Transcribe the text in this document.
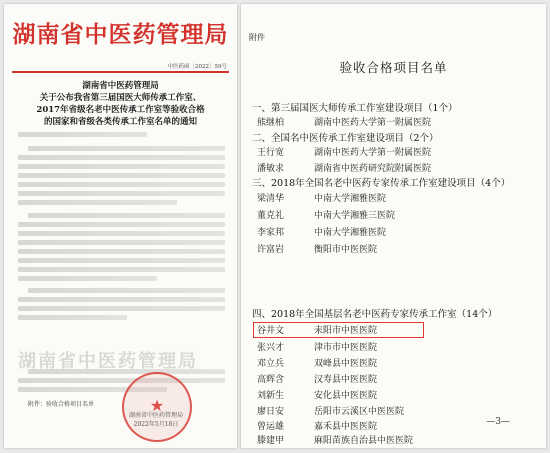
湖南省中医药管理局
中医药函〔2022〕59号
湖南省中医药管理局
关于公布我省第三届国医大师传承工作室、
2017年省级名老中医传承工作室等验收合格
的国家和省级各类传承工作室名单的通知
湖南省中医药管理局
附件：验收合格项目名单	★
湖南省中医药管理局
2022年5月18日
附件
验收合格项目名单
一、第三届国医大师传承工作室建设项目（1个）
熊继柏	湖南中医药大学第一附属医院
二、全国名中医传承工作室建设项目（2个）
王行宽	湖南中医药大学第一附属医院
潘敏求	湖南省中医药研究院附属医院
三、2018年全国名老中医药专家传承工作室建设项目（4个）
梁清华	中南大学湘雅医院
董克礼	中南大学湘雅三医院
李家邦	中南大学湘雅医院
许富岩	衡阳市中医医院
四、2018年全国基层名老中医药专家传承工作室（14个）
谷井文	耒阳市中医医院
张兴才	津市市中医医院
邓立兵	双峰县中医医院
高辉含	汉寿县中医医院
刘新生	安化县中医医院
廖日安	岳阳市云溪区中医医院
曾运雄	嘉禾县中医医院
滕建甲	麻阳苗族自治县中医医院
—3—
